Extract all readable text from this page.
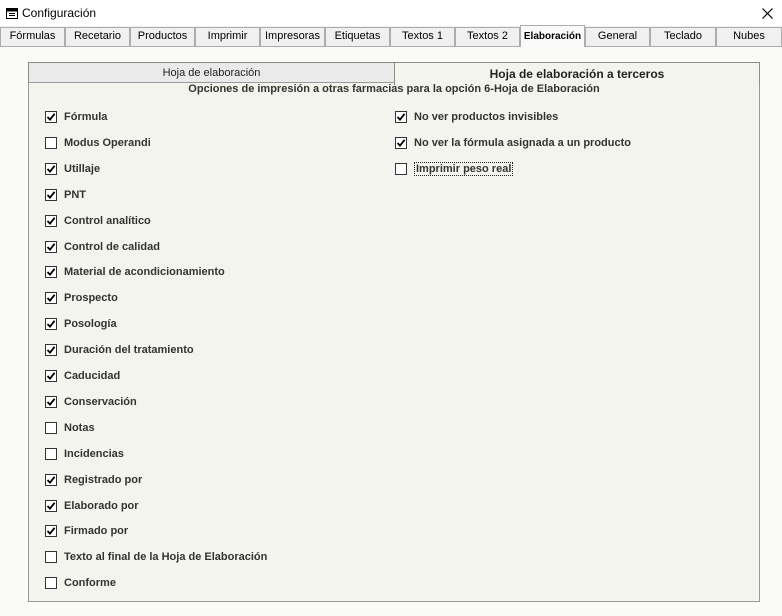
Configuración
Fórmulas	Recetario	Productos	Imprimir	Impresoras	Etiquetas	Textos 1	Textos 2	Elaboración	General	Teclado	Nubes
Hoja de elaboración	Hoja de elaboración a terceros
Opciones de impresión a otras farmacias para la opción 6-Hoja de Elaboración
Fórmula
Modus Operandi
Utillaje
PNT
Control analítico
Control de calidad
Material de acondicionamiento
Prospecto
Posología
Duración del tratamiento
Caducidad
Conservación
Notas
Incidencias
Registrado por
Elaborado por
Firmado por
Texto al final de la Hoja de Elaboración
Conforme
No ver productos invisibles
No ver la fórmula asignada a un producto
Imprimir peso real
